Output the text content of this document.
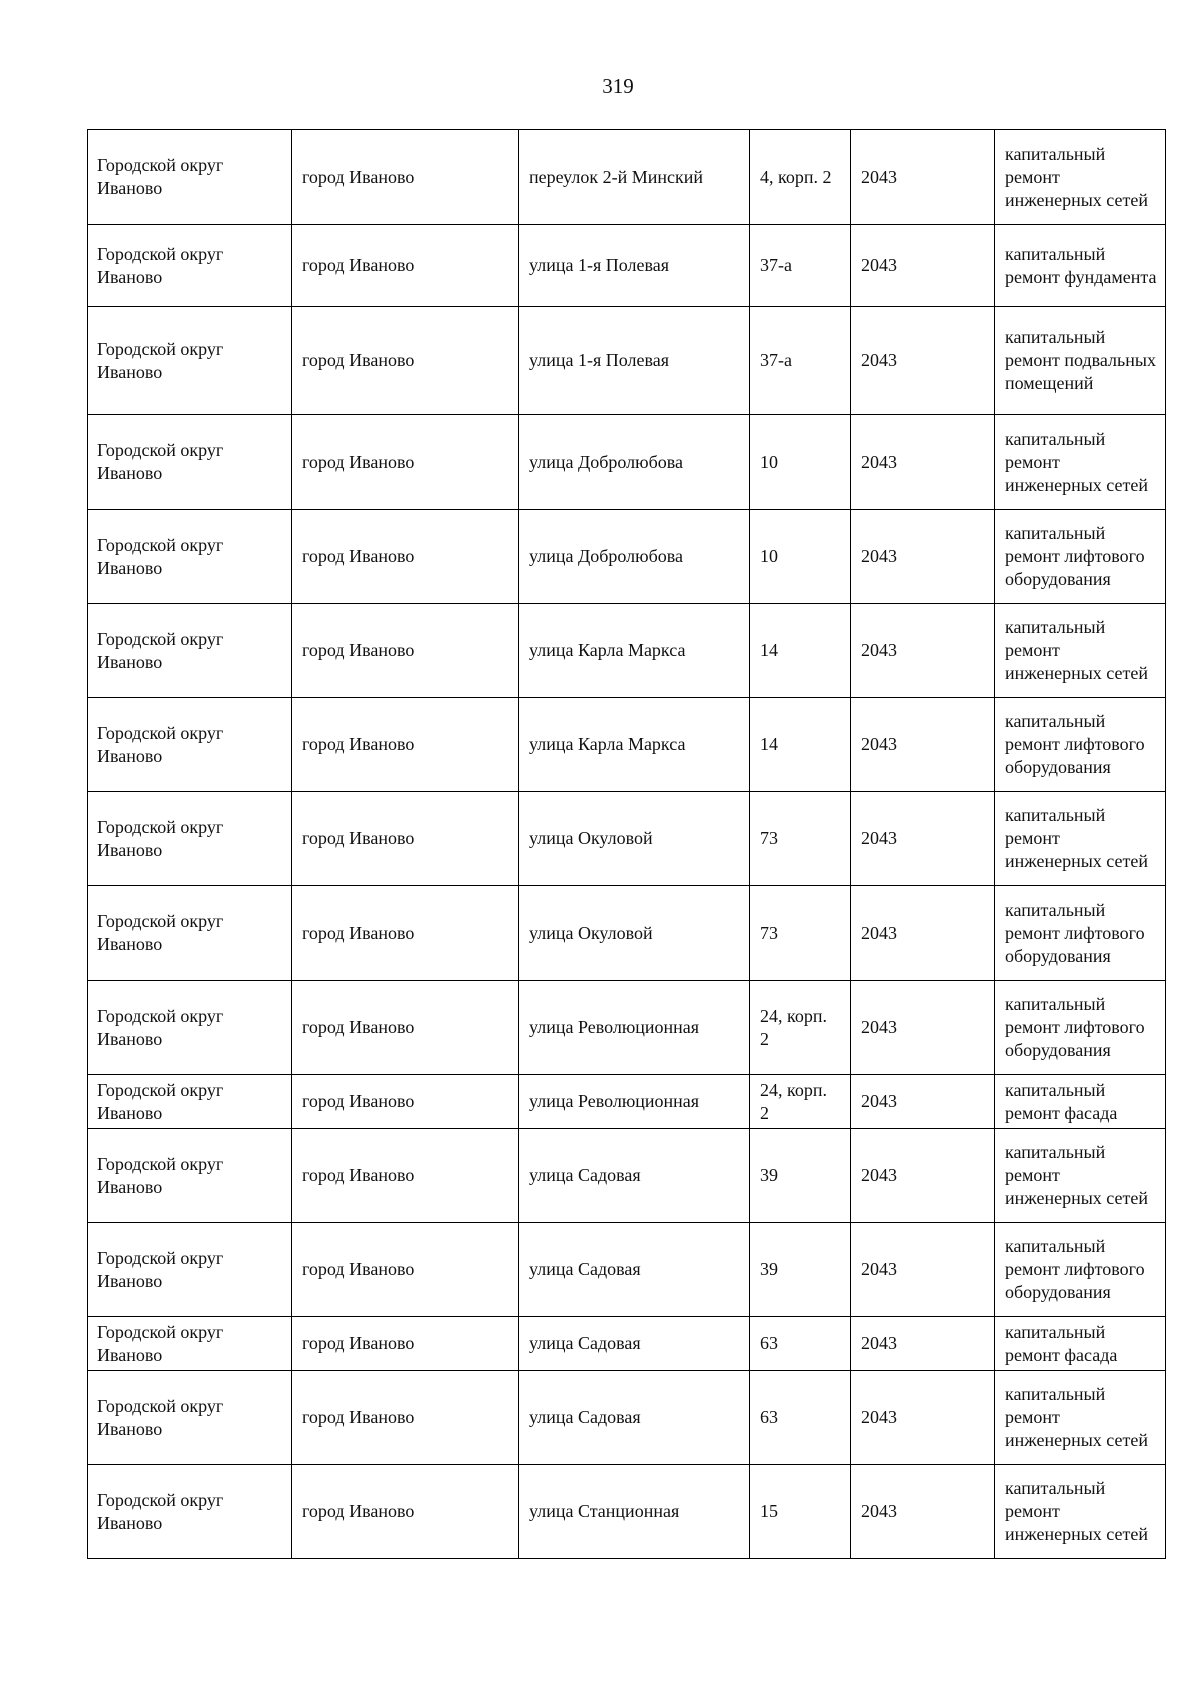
319
Городской округ Иваново	город Иваново	переулок 2-й Минский	4, корп. 2	2043	капитальный ремонт инженерных сетей
Городской округ Иваново	город Иваново	улица 1-я Полевая	37-а	2043	капитальный ремонт фундамента
Городской округ Иваново	город Иваново	улица 1-я Полевая	37-а	2043	капитальный ремонт подвальных помещений
Городской округ Иваново	город Иваново	улица Добролюбова	10	2043	капитальный ремонт инженерных сетей
Городской округ Иваново	город Иваново	улица Добролюбова	10	2043	капитальный ремонт лифтового оборудования
Городской округ Иваново	город Иваново	улица Карла Маркса	14	2043	капитальный ремонт инженерных сетей
Городской округ Иваново	город Иваново	улица Карла Маркса	14	2043	капитальный ремонт лифтового оборудования
Городской округ Иваново	город Иваново	улица Окуловой	73	2043	капитальный ремонт инженерных сетей
Городской округ Иваново	город Иваново	улица Окуловой	73	2043	капитальный ремонт лифтового оборудования
Городской округ Иваново	город Иваново	улица Революционная	24, корп. 2	2043	капитальный ремонт лифтового оборудования
Городской округ Иваново	город Иваново	улица Революционная	24, корп. 2	2043	капитальный ремонт фасада
Городской округ Иваново	город Иваново	улица Садовая	39	2043	капитальный ремонт инженерных сетей
Городской округ Иваново	город Иваново	улица Садовая	39	2043	капитальный ремонт лифтового оборудования
Городской округ Иваново	город Иваново	улица Садовая	63	2043	капитальный ремонт фасада
Городской округ Иваново	город Иваново	улица Садовая	63	2043	капитальный ремонт инженерных сетей
Городской округ Иваново	город Иваново	улица Станционная	15	2043	капитальный ремонт инженерных сетей
